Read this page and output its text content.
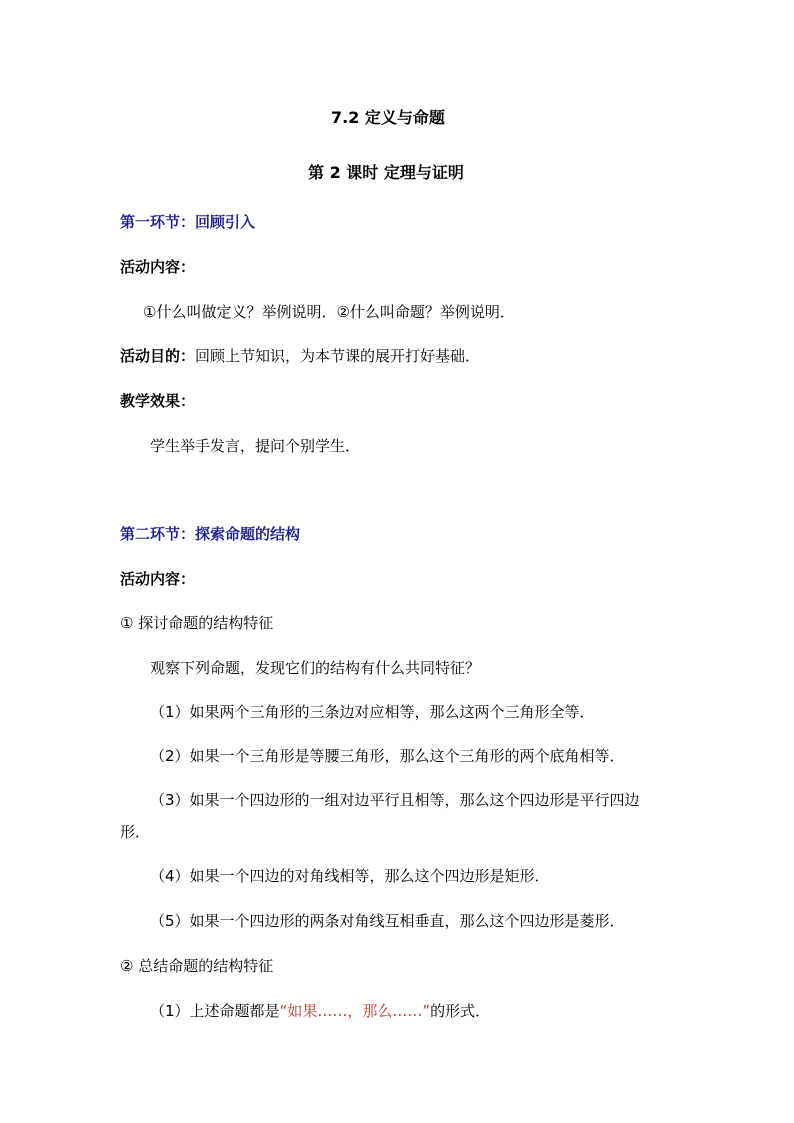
7.2 定义与命题
第 2 课时 定理与证明
第一环节：回顾引入
活动内容：
①什么叫做定义？举例说明．②什么叫命题？举例说明．
活动目的：回顾上节知识，为本节课的展开打好基础．
教学效果：
学生举手发言，提问个别学生．
第二环节：探索命题的结构
活动内容：
① 探讨命题的结构特征
观察下列命题，发现它们的结构有什么共同特征？
（1）如果两个三角形的三条边对应相等，那么这两个三角形全等．
（2）如果一个三角形是等腰三角形，那么这个三角形的两个底角相等．
（3）如果一个四边形的一组对边平行且相等，那么这个四边形是平行四边
形．
（4）如果一个四边的对角线相等，那么这个四边形是矩形．
（5）如果一个四边形的两条对角线互相垂直，那么这个四边形是菱形．
② 总结命题的结构特征
（1）上述命题都是“如果……，那么……”的形式．
